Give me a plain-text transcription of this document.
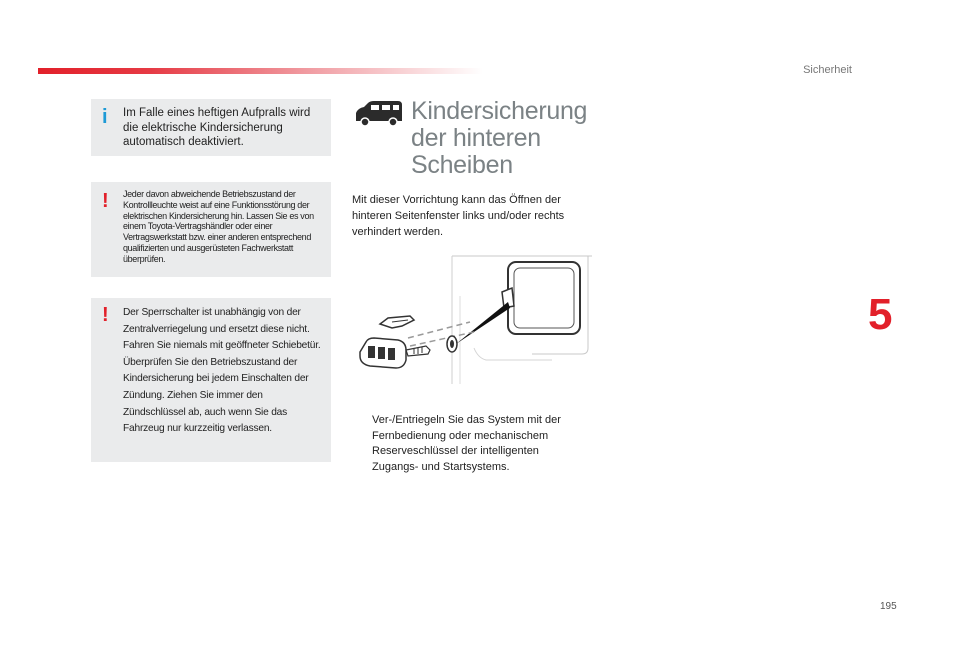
Sicherheit
5
195
i Im Falle eines heftigen Aufpralls wird die elektrische Kindersicherung automatisch deaktiviert.
! Jeder davon abweichende Betriebszustand der Kontrollleuchte weist auf eine Funktionsstörung der elektrischen Kindersicherung hin. Lassen Sie es von einem Toyota-Vertragshändler oder einer Vertragswerkstatt bzw. einer anderen entsprechend qualifizierten und ausgerüsteten Fachwerkstatt überprüfen.
! Der Sperrschalter ist unabhängig von der Zentralverriegelung und ersetzt diese nicht. Fahren Sie niemals mit geöffneter Schiebetür. Überprüfen Sie den Betriebszustand der Kindersicherung bei jedem Einschalten der Zündung. Ziehen Sie immer den Zündschlüssel ab, auch wenn Sie das Fahrzeug nur kurzzeitig verlassen.
Kindersicherung der hinteren Scheiben
Mit dieser Vorrichtung kann das Öffnen der hinteren Seitenfenster links und/oder rechts verhindert werden.
Ver-/Entriegeln Sie das System mit der Fernbedienung oder mechanischem Reserveschlüssel der intelligenten Zugangs- und Startsystems.
